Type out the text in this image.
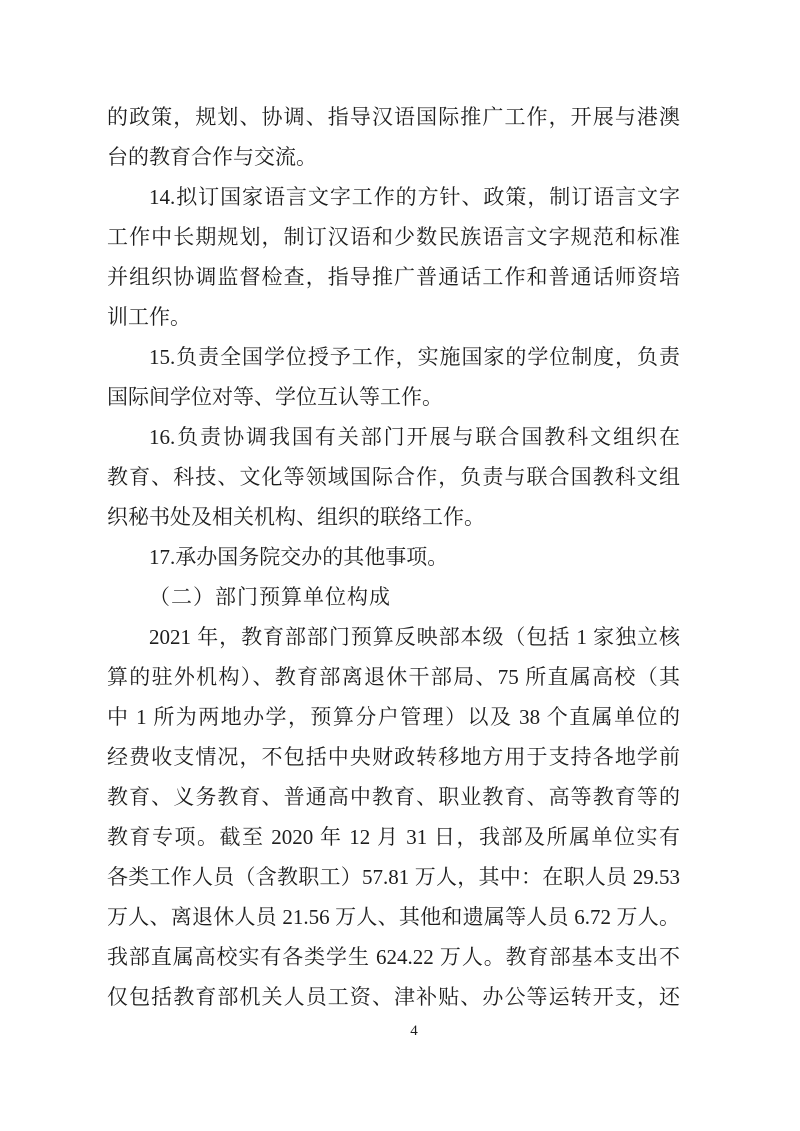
的政策，规划、协调、指导汉语国际推广工作，开展与港澳
台的教育合作与交流。
14.拟订国家语言文字工作的方针、政策，制订语言文字
工作中长期规划，制订汉语和少数民族语言文字规范和标准
并组织协调监督检查，指导推广普通话工作和普通话师资培
训工作。
15.负责全国学位授予工作，实施国家的学位制度，负责
国际间学位对等、学位互认等工作。
16.负责协调我国有关部门开展与联合国教科文组织在
教育、科技、文化等领域国际合作，负责与联合国教科文组
织秘书处及相关机构、组织的联络工作。
17.承办国务院交办的其他事项。
（二）部门预算单位构成
2021 年，教育部部门预算反映部本级（包括 1 家独立核
算的驻外机构）、教育部离退休干部局、75 所直属高校（其
中 1 所为两地办学，预算分户管理）以及 38 个直属单位的
经费收支情况，不包括中央财政转移地方用于支持各地学前
教育、义务教育、普通高中教育、职业教育、高等教育等的
教育专项。截至 2020 年 12 月 31 日，我部及所属单位实有
各类工作人员（含教职工）57.81 万人，其中：在职人员 29.53
万人、离退休人员 21.56 万人、其他和遗属等人员 6.72 万人。
我部直属高校实有各类学生 624.22 万人。教育部基本支出不
仅包括教育部机关人员工资、津补贴、办公等运转开支，还
4
